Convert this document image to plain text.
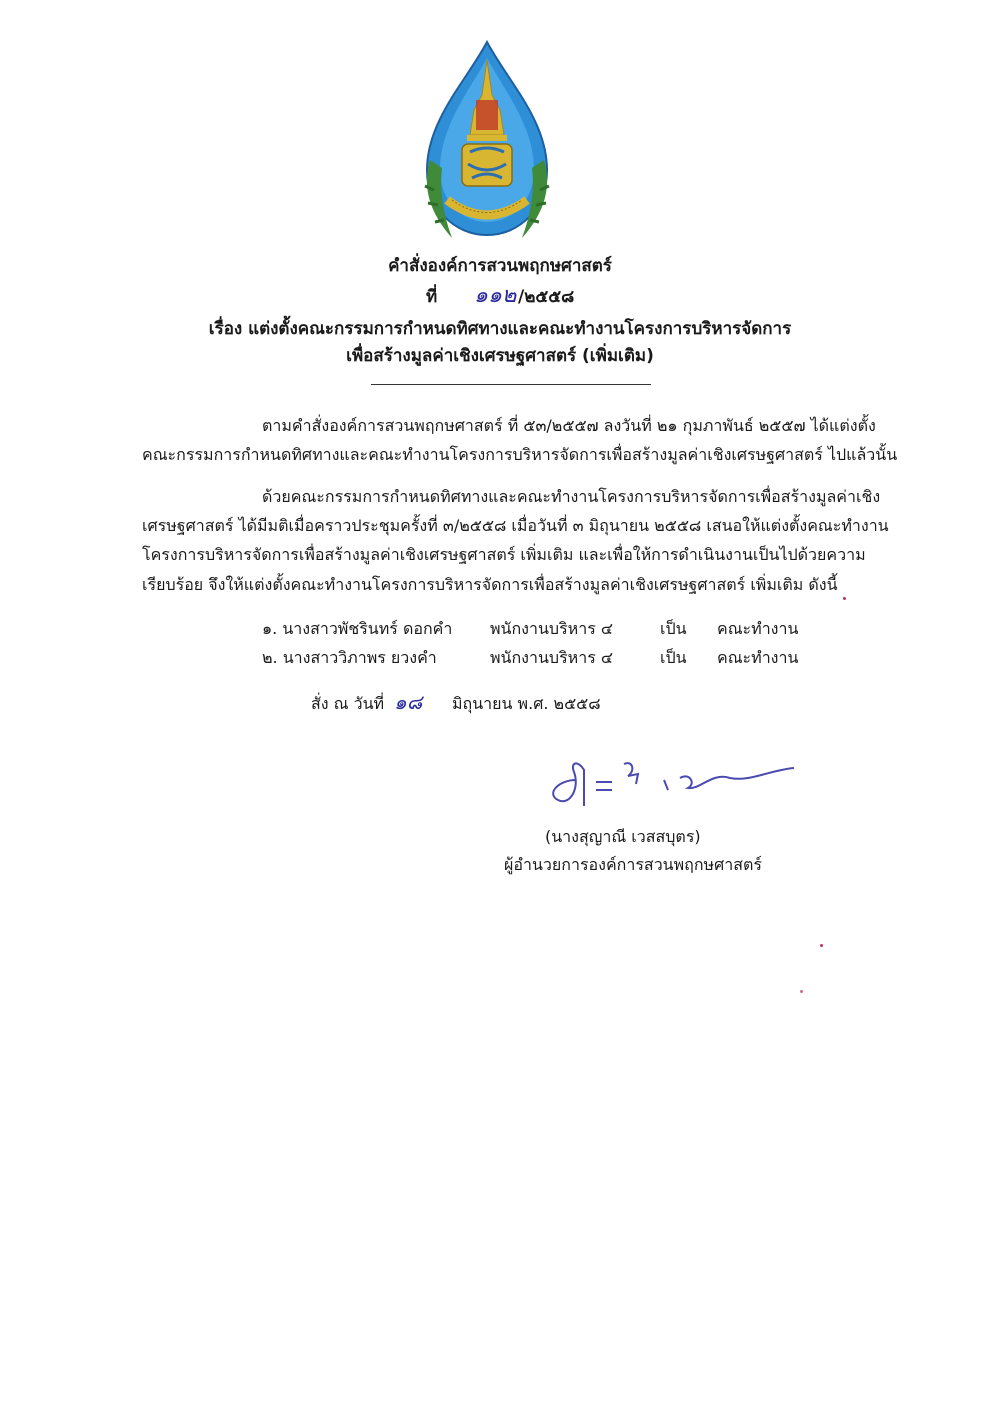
คำสั่งองค์การสวนพฤกษศาสตร์
ที่ ๑๑๒ /๒๕๕๘
เรื่อง แต่งตั้งคณะกรรมการกำหนดทิศทางและคณะทำงานโครงการบริหารจัดการ
เพื่อสร้างมูลค่าเชิงเศรษฐศาสตร์ (เพิ่มเติม)
ตามคำสั่งองค์การสวนพฤกษศาสตร์ ที่ ๕๓/๒๕๕๗ ลงวันที่ ๒๑ กุมภาพันธ์ ๒๕๕๗ ได้แต่งตั้ง
คณะกรรมการกำหนดทิศทางและคณะทำงานโครงการบริหารจัดการเพื่อสร้างมูลค่าเชิงเศรษฐศาสตร์ ไปแล้วนั้น
ด้วยคณะกรรมการกำหนดทิศทางและคณะทำงานโครงการบริหารจัดการเพื่อสร้างมูลค่าเชิง
เศรษฐศาสตร์ ได้มีมติเมื่อคราวประชุมครั้งที่ ๓/๒๕๕๘ เมื่อวันที่ ๓ มิถุนายน ๒๕๕๘ เสนอให้แต่งตั้งคณะทำงาน
โครงการบริหารจัดการเพื่อสร้างมูลค่าเชิงเศรษฐศาสตร์ เพิ่มเติม และเพื่อให้การดำเนินงานเป็นไปด้วยความ
เรียบร้อย จึงให้แต่งตั้งคณะทำงานโครงการบริหารจัดการเพื่อสร้างมูลค่าเชิงเศรษฐศาสตร์ เพิ่มเติม ดังนี้
๑. นางสาวพัชรินทร์ ดอกคำ พนักงานบริหาร ๔	เป็น คณะทำงาน
๒. นางสาววิภาพร ยวงคำ	พนักงานบริหาร ๔	เป็น คณะทำงาน
สั่ง ณ วันที่ ๑๘ มิถุนายน พ.ศ. ๒๕๕๘
(นางสุญาณี เวสสบุตร)
ผู้อำนวยการองค์การสวนพฤกษศาสตร์
